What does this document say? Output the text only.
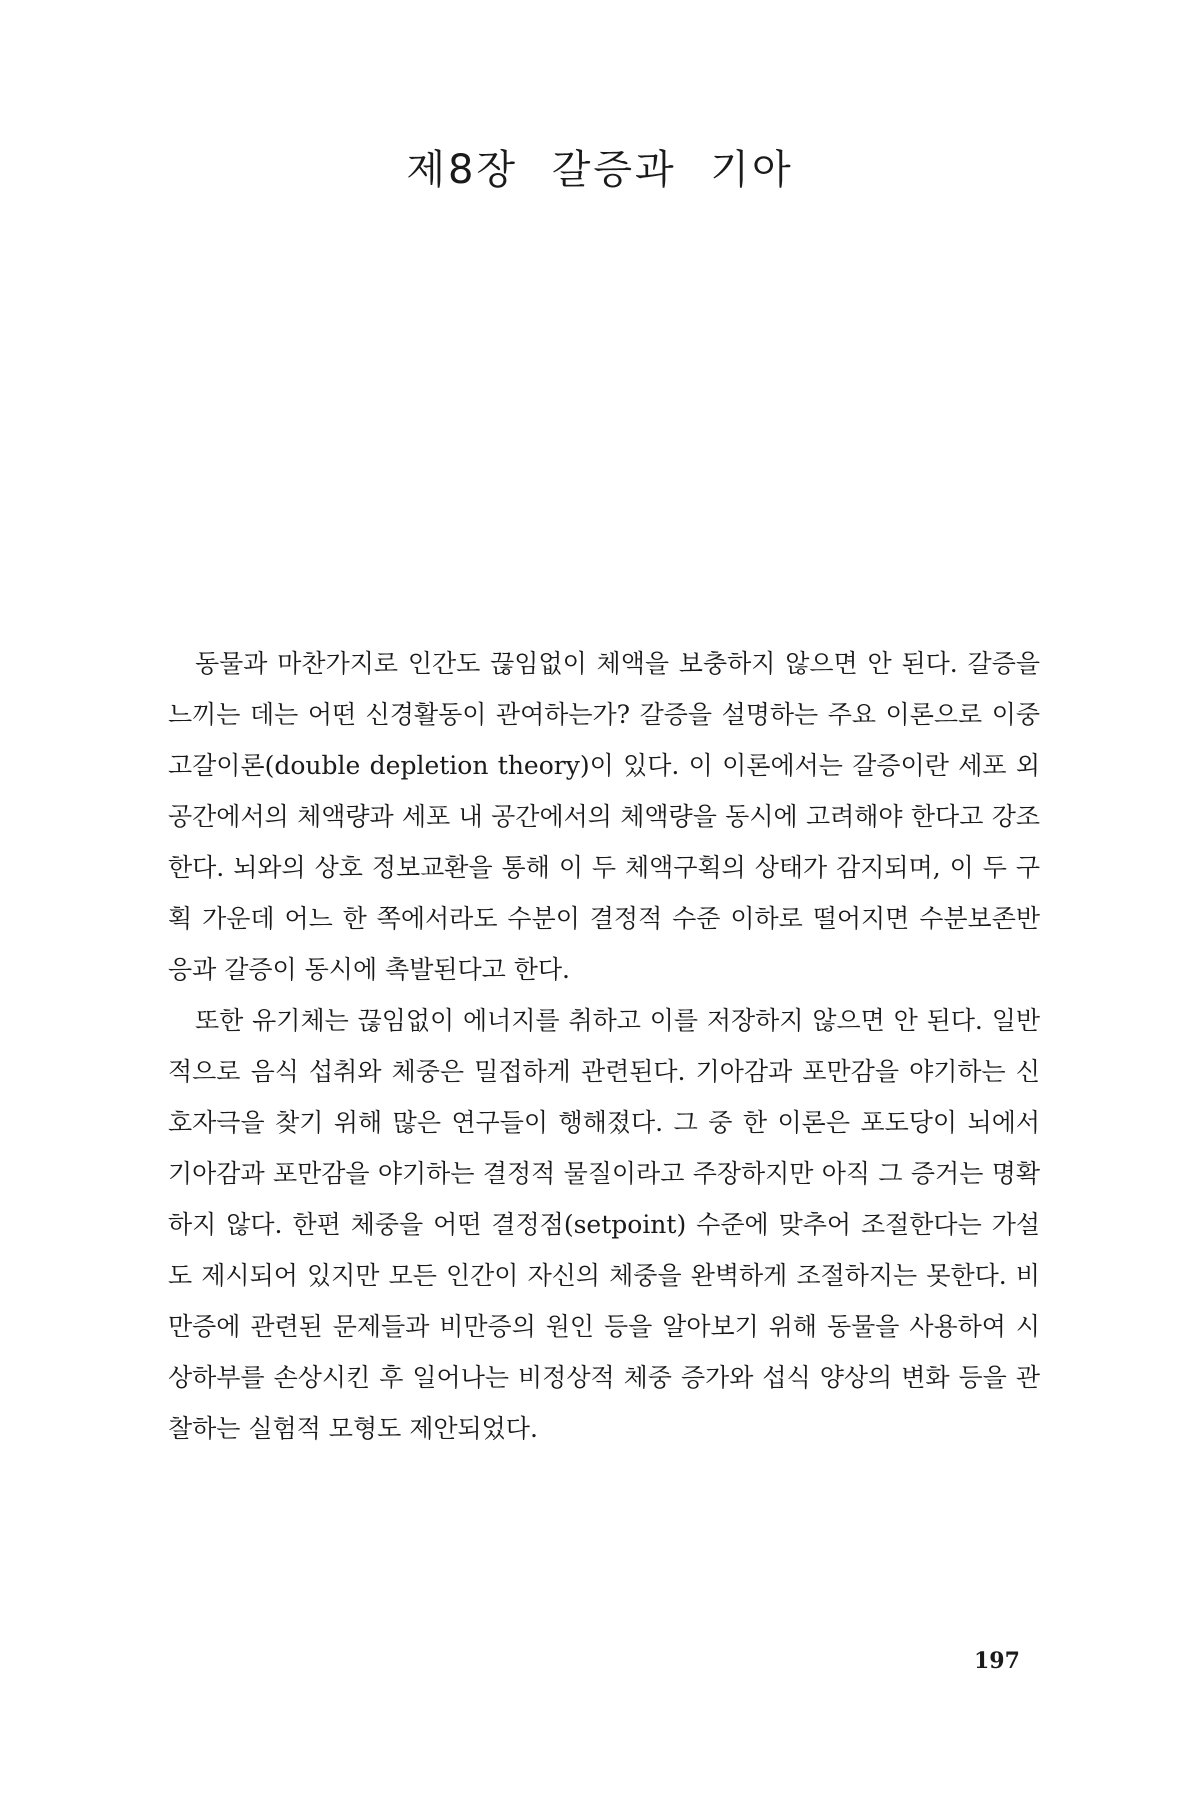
제8장 갈증과 기아

동물과 마찬가지로 인간도 끊임없이 체액을 보충하지 않으면 안 된다. 갈증을 느끼는 데는 어떤 신경활동이 관여하는가? 갈증을 설명하는 주요 이론으로 이중고갈이론(double depletion theory)이 있다. 이 이론에서는 갈증이란 세포 외 공간에서의 체액량과 세포 내 공간에서의 체액량을 동시에 고려해야 한다고 강조한다. 뇌와의 상호 정보교환을 통해 이 두 체액구획의 상태가 감지되며, 이 두 구획 가운데 어느 한 쪽에서라도 수분이 결정적 수준 이하로 떨어지면 수분보존반응과 갈증이 동시에 촉발된다고 한다.

또한 유기체는 끊임없이 에너지를 취하고 이를 저장하지 않으면 안 된다. 일반적으로 음식 섭취와 체중은 밀접하게 관련된다. 기아감과 포만감을 야기하는 신호자극을 찾기 위해 많은 연구들이 행해졌다. 그 중 한 이론은 포도당이 뇌에서 기아감과 포만감을 야기하는 결정적 물질이라고 주장하지만 아직 그 증거는 명확하지 않다. 한편 체중을 어떤 결정점(setpoint) 수준에 맞추어 조절한다는 가설도 제시되어 있지만 모든 인간이 자신의 체중을 완벽하게 조절하지는 못한다. 비만증에 관련된 문제들과 비만증의 원인 등을 알아보기 위해 동물을 사용하여 시상하부를 손상시킨 후 일어나는 비정상적 체중 증가와 섭식 양상의 변화 등을 관찰하는 실험적 모형도 제안되었다.

197
